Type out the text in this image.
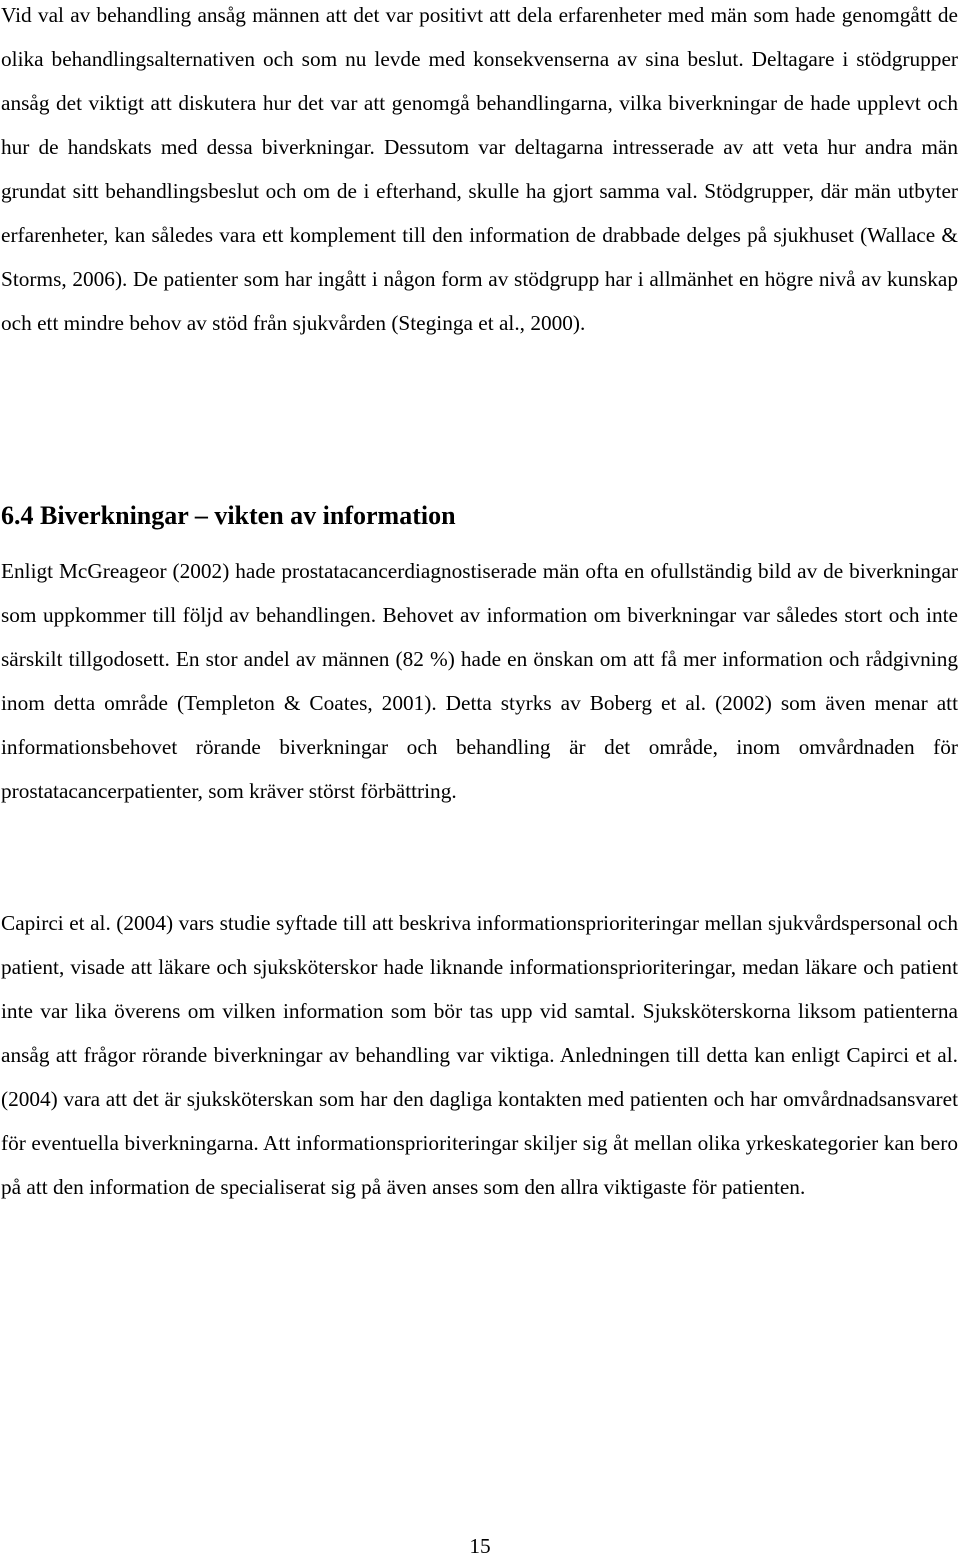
Vid val av behandling ansåg männen att det var positivt att dela erfarenheter med män som hade genomgått de olika behandlingsalternativen och som nu levde med konsekvenserna av sina beslut. Deltagare i stödgrupper ansåg det viktigt att diskutera hur det var att genomgå behandlingarna, vilka biverkningar de hade upplevt och hur de handskats med dessa biverkningar. Dessutom var deltagarna intresserade av att veta hur andra män grundat sitt behandlingsbeslut och om de i efterhand, skulle ha gjort samma val. Stödgrupper, där män utbyter erfarenheter, kan således vara ett komplement till den information de drabbade delges på sjukhuset (Wallace & Storms, 2006). De patienter som har ingått i någon form av stödgrupp har i allmänhet en högre nivå av kunskap och ett mindre behov av stöd från sjukvården (Steginga et al., 2000).

6.4 Biverkningar – vikten av information

Enligt McGreageor (2002) hade prostatacancerdiagnostiserade män ofta en ofullständig bild av de biverkningar som uppkommer till följd av behandlingen. Behovet av information om biverkningar var således stort och inte särskilt tillgodosett. En stor andel av männen (82 %) hade en önskan om att få mer information och rådgivning inom detta område (Templeton & Coates, 2001). Detta styrks av Boberg et al. (2002) som även menar att informationsbehovet rörande biverkningar och behandling är det område, inom omvårdnaden för prostatacancerpatienter, som kräver störst förbättring.

Capirci et al. (2004) vars studie syftade till att beskriva informationsprioriteringar mellan sjukvårdspersonal och patient, visade att läkare och sjuksköterskor hade liknande informationsprioriteringar, medan läkare och patient inte var lika överens om vilken information som bör tas upp vid samtal. Sjuksköterskorna liksom patienterna ansåg att frågor rörande biverkningar av behandling var viktiga. Anledningen till detta kan enligt Capirci et al. (2004) vara att det är sjuksköterskan som har den dagliga kontakten med patienten och har omvårdnadsansvaret för eventuella biverkningarna. Att informationsprioriteringar skiljer sig åt mellan olika yrkeskategorier kan bero på att den information de specialiserat sig på även anses som den allra viktigaste för patienten.

15
